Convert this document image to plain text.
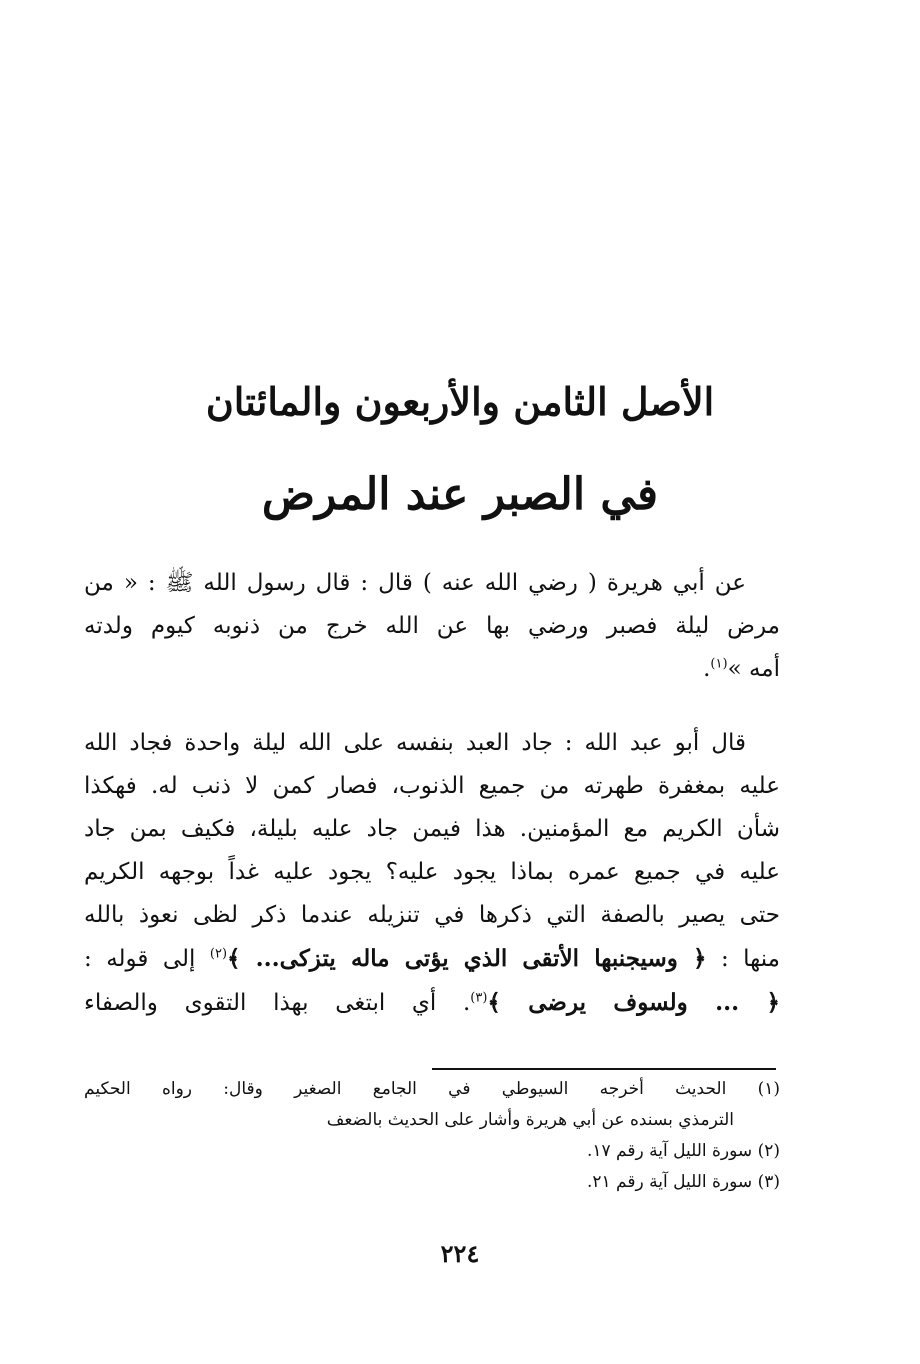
الأصل الثامن والأربعون والمائتان
في الصبر عند المرض
عن أبي هريرة ( رضي الله عنه ) قال : قال رسول الله ﷺ : « من
مرض ليلة فصبر ورضي بها عن الله خرج من ذنوبه كيوم ولدته
أمه »$^{(١)}$.
قال أبو عبد الله : جاد العبد بنفسه على الله ليلة واحدة فجاد الله
عليه بمغفرة طهرته من جميع الذنوب، فصار كمن لا ذنب له. فهكذا
شأن الكريم مع المؤمنين. هذا فيمن جاد عليه بليلة، فكيف بمن جاد
عليه في جميع عمره بماذا يجود عليه؟ يجود عليه غداً بوجهه الكريم
حتى يصير بالصفة التي ذكرها في تنزيله عندما ذكر لظى نعوذ بالله
منها : ﴿ وسيجنبها الأتقى الذي يؤتى ماله يتزكى... ﴾$^{(٢)}$ إلى قوله :
﴿ ... ولسوف يرضى ﴾$^{(٣)}$. أي ابتغى بهذا التقوى والصفاء
(١) الحديث أخرجه السيوطي في الجامع الصغير وقال: رواه الحكيم
الترمذي بسنده عن أبي هريرة وأشار على الحديث بالضعف
(٢) سورة الليل آية رقم ١٧.
(٣) سورة الليل آية رقم ٢١.
٢٢٤
